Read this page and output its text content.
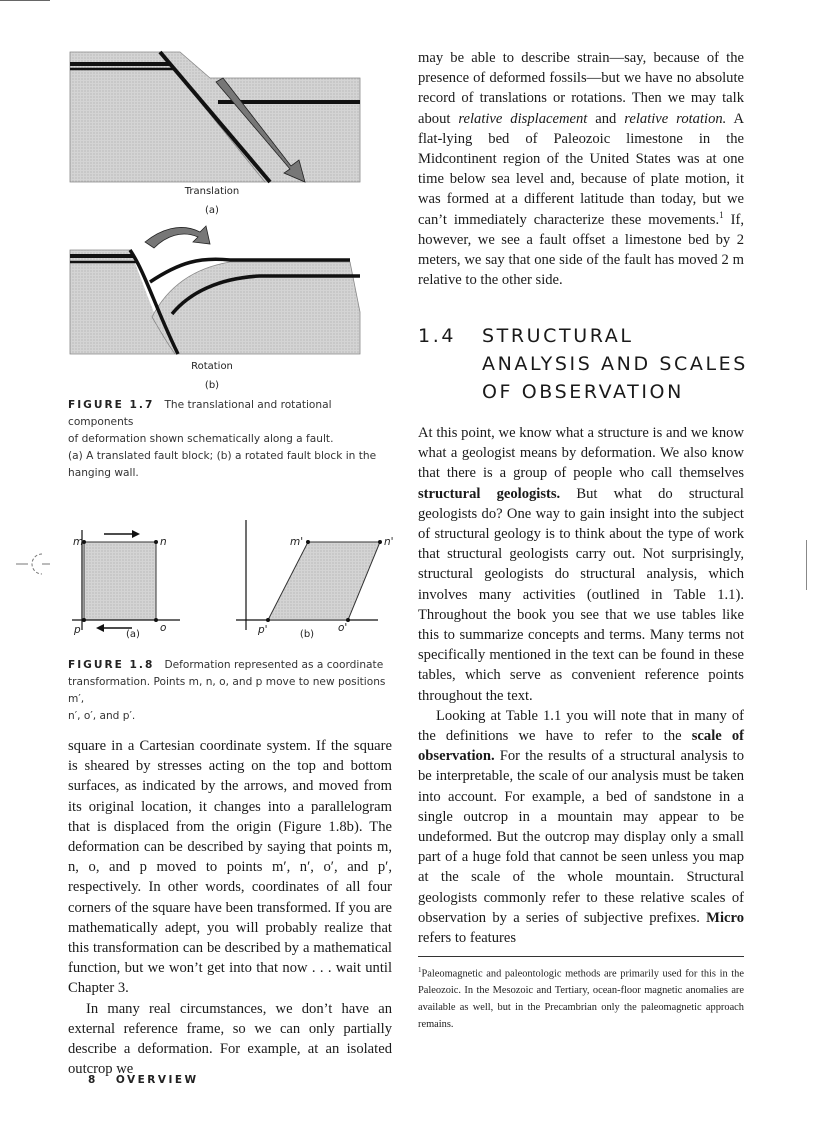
Translation
(a)
Rotation
(b)
FIGURE 1.7 The translational and rotational components
of deformation shown schematically along a fault.
(a) A translated fault block; (b) a rotated fault block in the
hanging wall.
m	n
p	o
(a)
m'	n'
p'	o'
(b)
FIGURE 1.8 Deformation represented as a coordinate
transformation. Points m, n, o, and p move to new positions m′,
n′, o′, and p′.

square in a Cartesian coordinate system. If the square is sheared by stresses acting on the top and bottom surfaces, as indicated by the arrows, and moved from its original location, it changes into a parallelogram that is displaced from the origin (Figure 1.8b). The deformation can be described by saying that points m, n, o, and p moved to points m′, n′, o′, and p′, respectively. In other words, coordinates of all four corners of the square have been transformed. If you are mathematically adept, you will probably realize that this transformation can be described by a mathematical function, but we won’t get into that now . . . wait until Chapter 3.

In many real circumstances, we don’t have an external reference frame, so we can only partially describe a deformation. For example, at an isolated outcrop we

may be able to describe strain—say, because of the presence of deformed fossils—but we have no absolute record of translations or rotations. Then we may talk about relative displacement and relative rotation. A flat-lying bed of Paleozoic limestone in the Midcontinent region of the United States was at one time below sea level and, because of plate motion, it was formed at a different latitude than today, but we can’t immediately characterize these movements.$^1$ If, however, we see a fault offset a limestone bed by 2 meters, we say that one side of the fault has moved 2 m relative to the other side.

1.4 STRUCTURAL ANALYSIS AND SCALES OF OBSERVATION

At this point, we know what a structure is and we know what a geologist means by deformation. We also know that there is a group of people who call themselves structural geologists. But what do structural geologists do? One way to gain insight into the subject of structural geology is to think about the type of work that structural geologists carry out. Not surprisingly, structural geologists do structural analysis, which involves many activities (outlined in Table 1.1). Throughout the book you see that we use tables like this to summarize concepts and terms. Many terms not specifically mentioned in the text can be found in these tables, which serve as convenient reference points throughout the text.

Looking at Table 1.1 you will note that in many of the definitions we have to refer to the scale of observation. For the results of a structural analysis to be interpretable, the scale of our analysis must be taken into account. For example, a bed of sandstone in a single outcrop in a mountain may appear to be undeformed. But the outcrop may display only a small part of a huge fold that cannot be seen unless you map at the scale of the whole mountain. Structural geologists commonly refer to these relative scales of observation by a series of subjective prefixes. Micro refers to features

$^1$Paleomagnetic and paleontologic methods are primarily used for this in the Paleozoic. In the Mesozoic and Tertiary, ocean-floor magnetic anomalies are available as well, but in the Precambrian only the paleomagnetic approach remains.
8 OVERVIEW
